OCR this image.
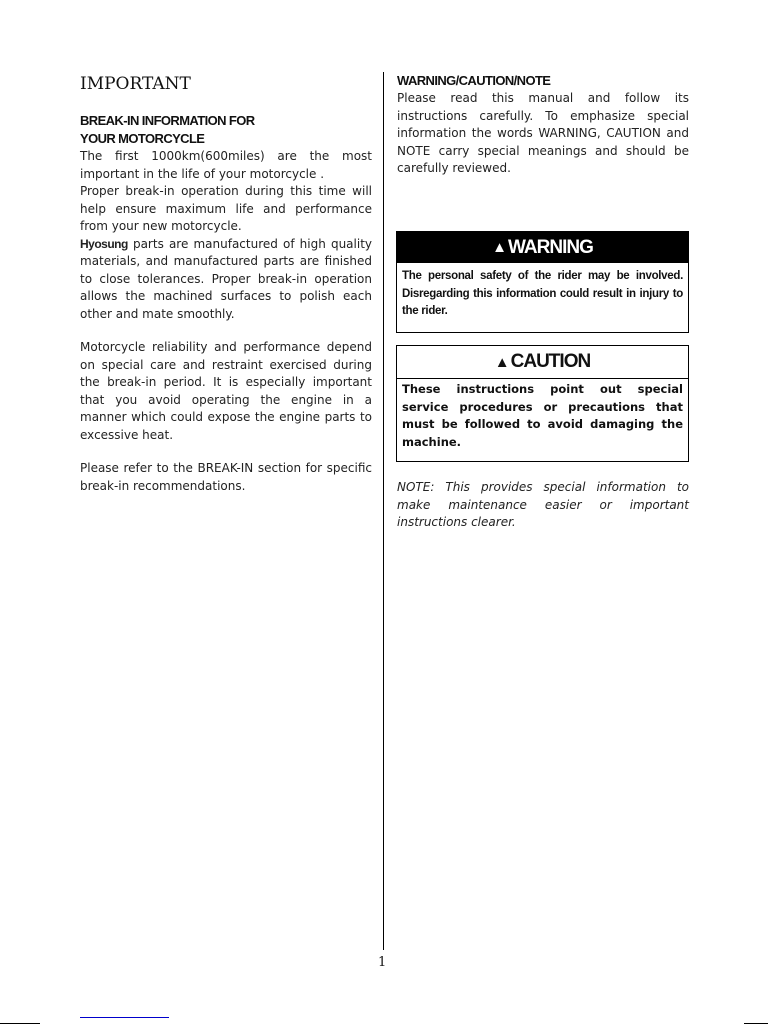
IMPORTANT
BREAK-IN INFORMATION FOR
YOUR MOTORCYCLE
The first 1000km(600miles) are the most important in the life of your motorcycle .
Proper break-in operation during this time will help ensure maximum life and performance from your new motorcycle.
Hyosung parts are manufactured of high quality materials, and manufactured parts are finished to close tolerances. Proper break-in operation allows the machined surfaces to polish each other and mate smoothly.
Motorcycle reliability and performance depend on special care and restraint exercised during the break-in period. It is especially important that you avoid operating the engine in a manner which could expose the engine parts to excessive heat.
Please refer to the BREAK-IN section for specific break-in recommendations.
WARNING/CAUTION/NOTE
Please read this manual and follow its instructions carefully. To emphasize special information the words WARNING, CAUTION and NOTE carry special meanings and should be carefully reviewed.
▲ WARNING
The personal safety of the rider may be involved. Disregarding this information could result in injury to the rider.
▲ CAUTION
These instructions point out special service procedures or precautions that must be followed to avoid damaging the machine.
NOTE: This provides special information to make maintenance easier or important instructions clearer.
1
